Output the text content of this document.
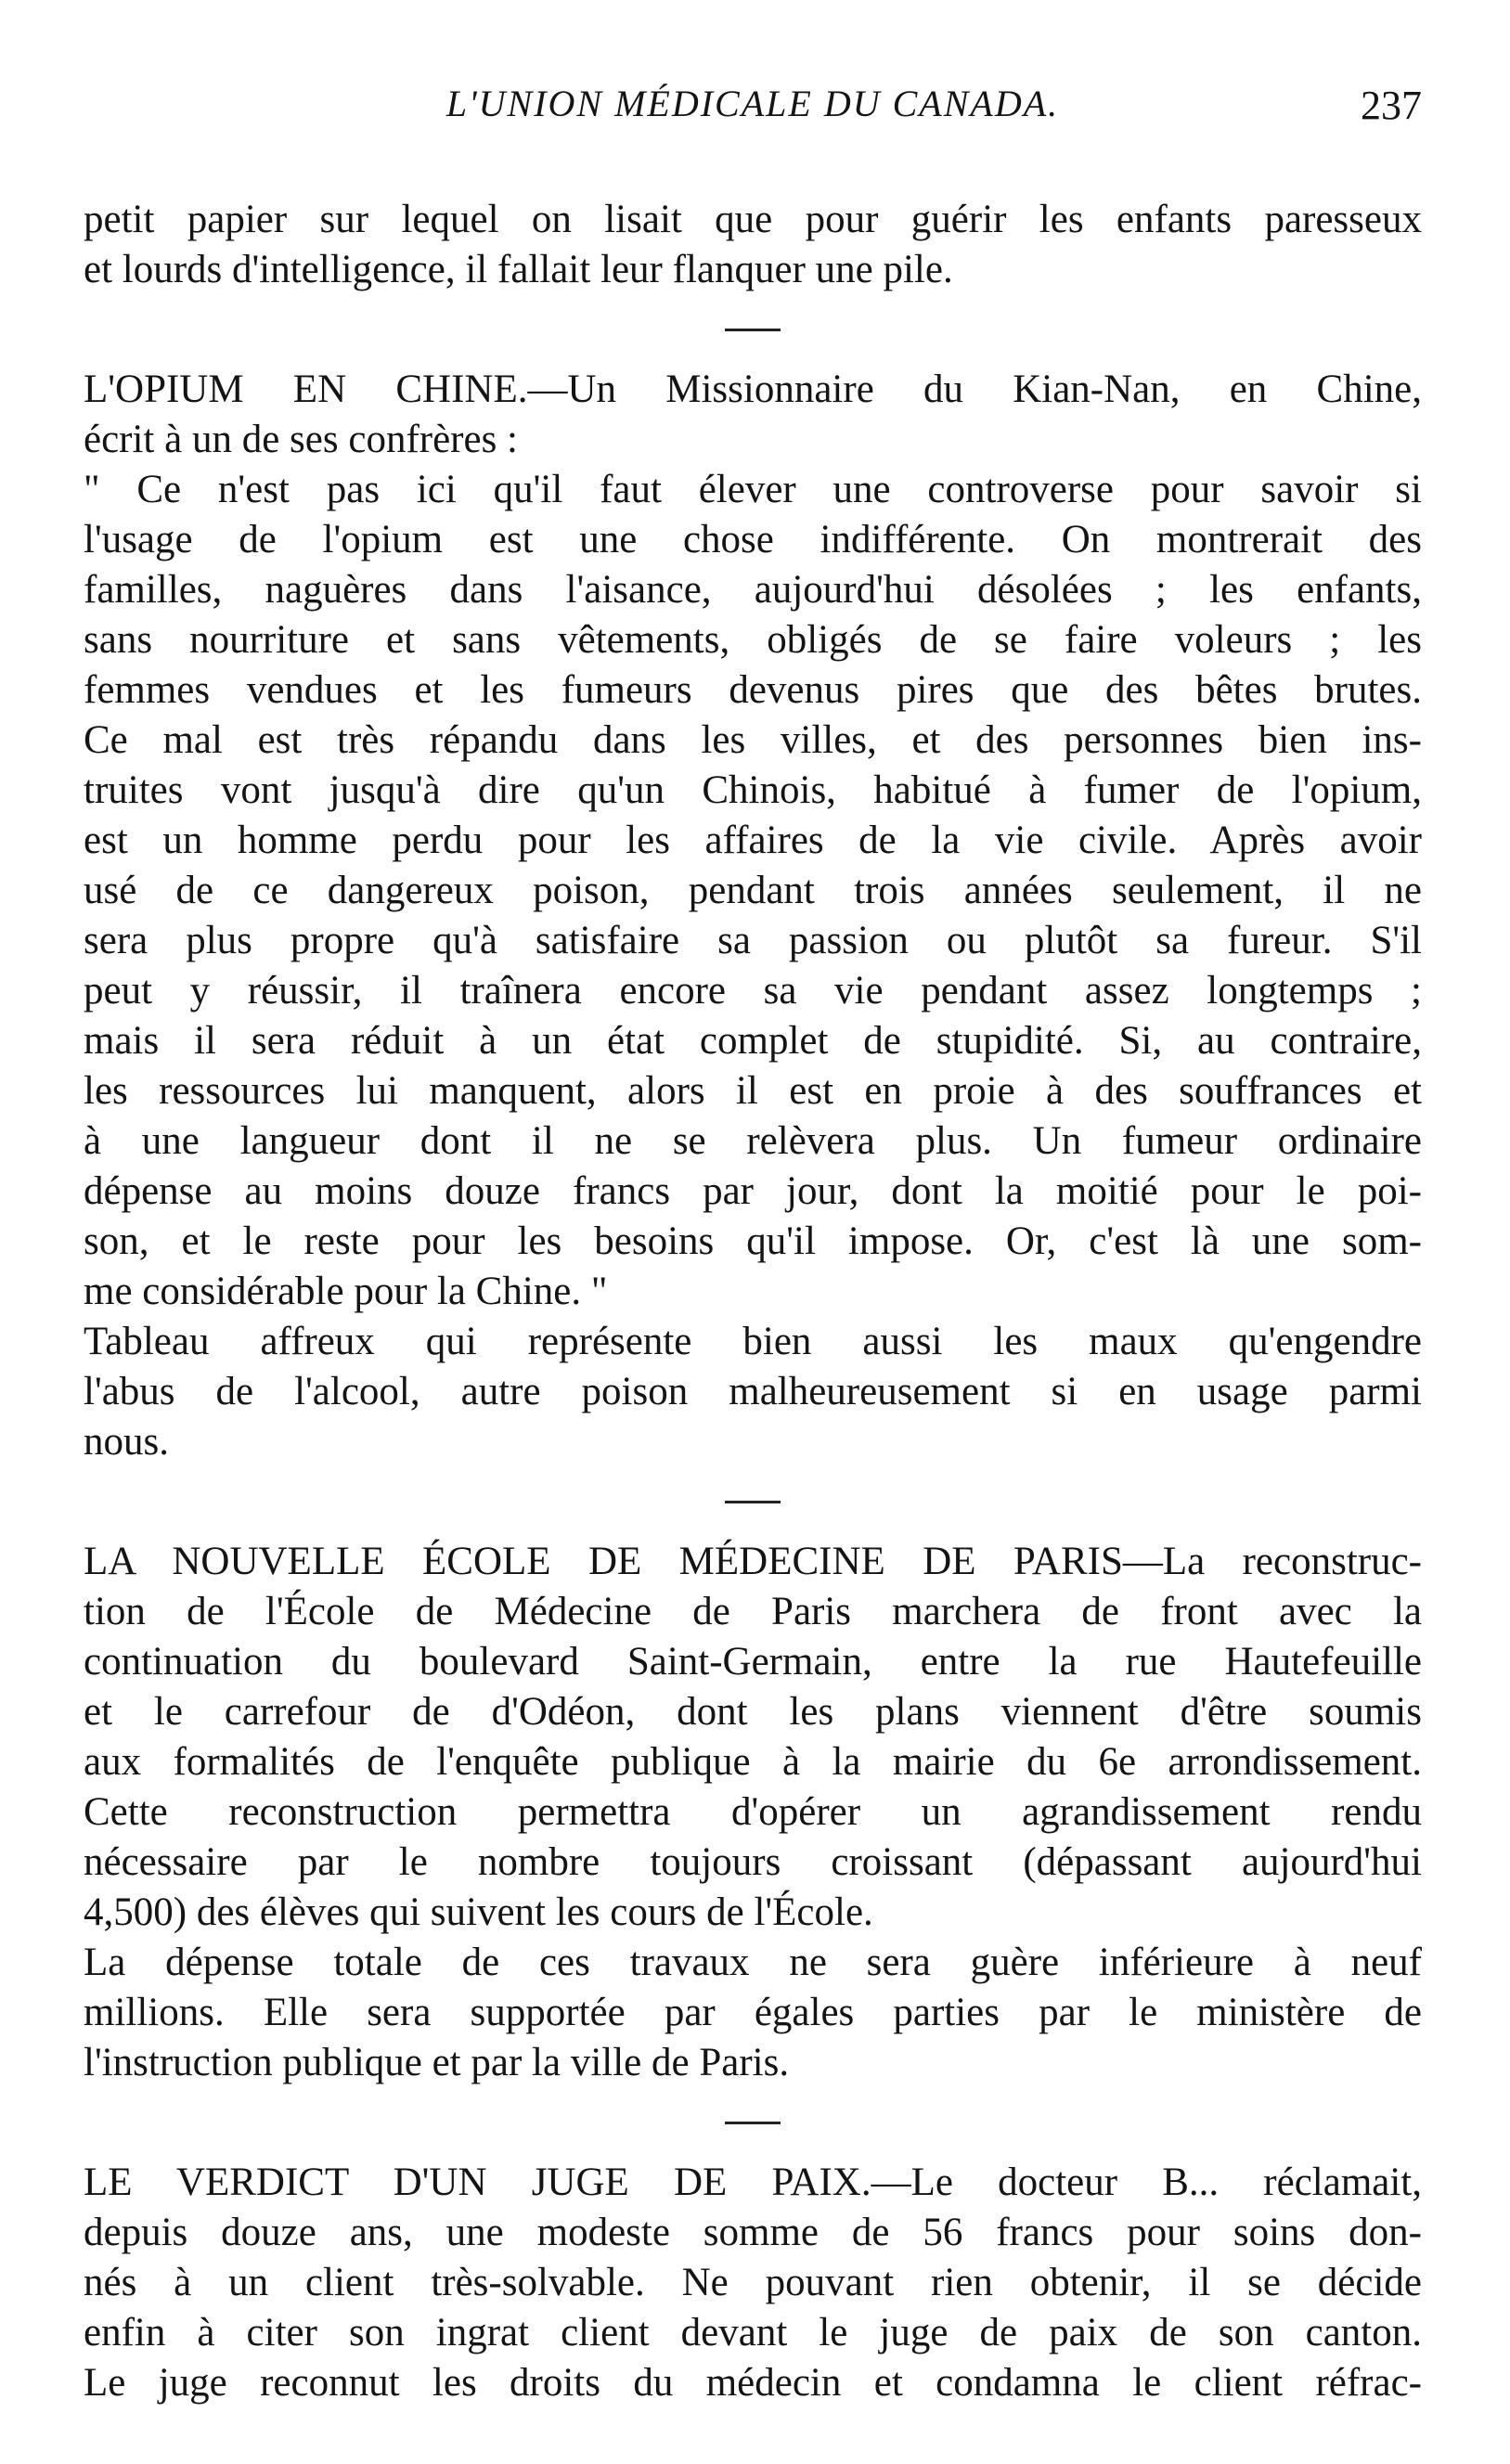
L'UNION MÉDICALE DU CANADA.	237
petit papier sur lequel on lisait que pour guérir les enfants paresseux
et lourds d'intelligence, il fallait leur flanquer une pile.
L'OPIUM EN CHINE.—Un Missionnaire du Kian-Nan, en Chine,
écrit à un de ses confrères :
" Ce n'est pas ici qu'il faut élever une controverse pour savoir si
l'usage de l'opium est une chose indifférente. On montrerait des
familles, naguères dans l'aisance, aujourd'hui désolées ; les enfants,
sans nourriture et sans vêtements, obligés de se faire voleurs ; les
femmes vendues et les fumeurs devenus pires que des bêtes brutes.
Ce mal est très répandu dans les villes, et des personnes bien ins-
truites vont jusqu'à dire qu'un Chinois, habitué à fumer de l'opium,
est un homme perdu pour les affaires de la vie civile. Après avoir
usé de ce dangereux poison, pendant trois années seulement, il ne
sera plus propre qu'à satisfaire sa passion ou plutôt sa fureur. S'il
peut y réussir, il traînera encore sa vie pendant assez longtemps ;
mais il sera réduit à un état complet de stupidité. Si, au contraire,
les ressources lui manquent, alors il est en proie à des souffrances et
à une langueur dont il ne se relèvera plus. Un fumeur ordinaire
dépense au moins douze francs par jour, dont la moitié pour le poi-
son, et le reste pour les besoins qu'il impose. Or, c'est là une som-
me considérable pour la Chine. "
Tableau affreux qui représente bien aussi les maux qu'engendre
l'abus de l'alcool, autre poison malheureusement si en usage parmi
nous.
LA NOUVELLE ÉCOLE DE MÉDECINE DE PARIS—La reconstruc-
tion de l'École de Médecine de Paris marchera de front avec la
continuation du boulevard Saint-Germain, entre la rue Hautefeuille
et le carrefour de d'Odéon, dont les plans viennent d'être soumis
aux formalités de l'enquête publique à la mairie du 6e arrondissement.
Cette reconstruction permettra d'opérer un agrandissement rendu
nécessaire par le nombre toujours croissant (dépassant aujourd'hui
4,500) des élèves qui suivent les cours de l'École.
La dépense totale de ces travaux ne sera guère inférieure à neuf
millions. Elle sera supportée par égales parties par le ministère de
l'instruction publique et par la ville de Paris.
LE VERDICT D'UN JUGE DE PAIX.—Le docteur B... réclamait,
depuis douze ans, une modeste somme de 56 francs pour soins don-
nés à un client très-solvable. Ne pouvant rien obtenir, il se décide
enfin à citer son ingrat client devant le juge de paix de son canton.
Le juge reconnut les droits du médecin et condamna le client réfrac-
